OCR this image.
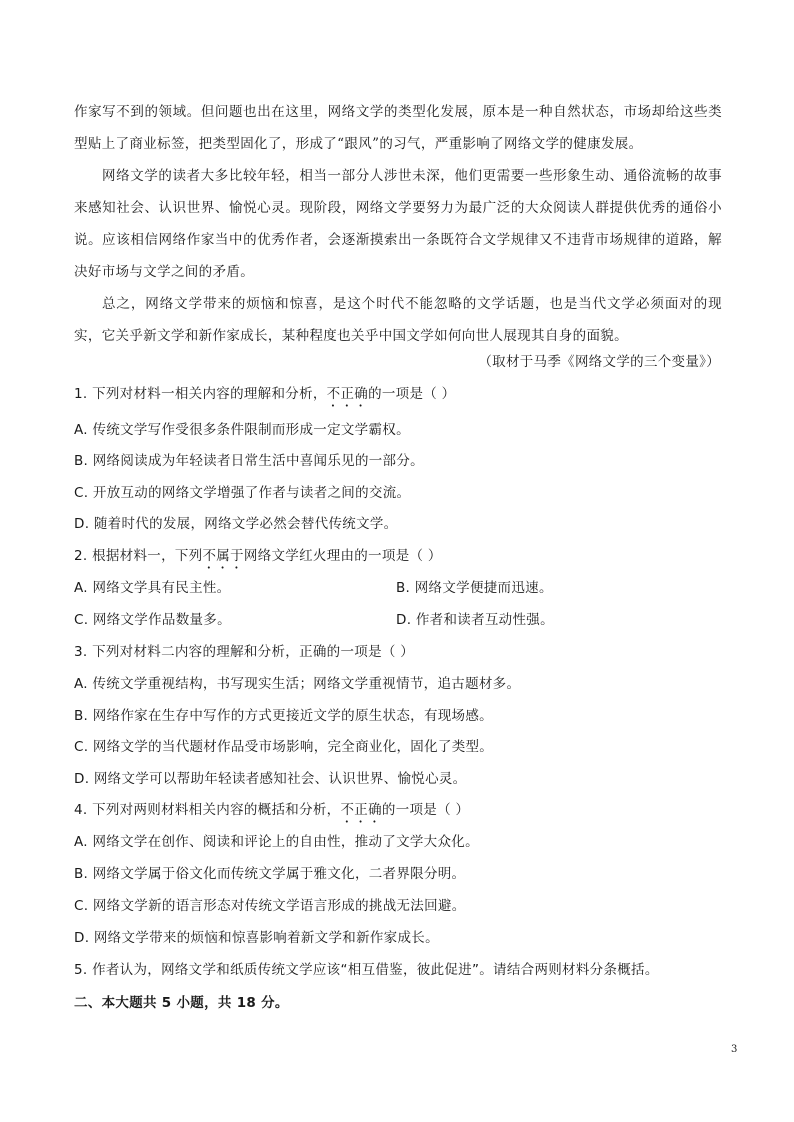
作家写不到的领域。但问题也出在这里，网络文学的类型化发展，原本是一种自然状态，市场却给这些类型贴上了商业标签，把类型固化了，形成了“跟风”的习气，严重影响了网络文学的健康发展。
网络文学的读者大多比较年轻，相当一部分人涉世未深，他们更需要一些形象生动、通俗流畅的故事来感知社会、认识世界、愉悦心灵。现阶段，网络文学要努力为最广泛的大众阅读人群提供优秀的通俗小说。应该相信网络作家当中的优秀作者，会逐渐摸索出一条既符合文学规律又不违背市场规律的道路，解决好市场与文学之间的矛盾。
总之，网络文学带来的烦恼和惊喜，是这个时代不能忽略的文学话题，也是当代文学必须面对的现实，它关乎新文学和新作家成长，某种程度也关乎中国文学如何向世人展现其自身的面貌。
（取材于马季《网络文学的三个变量》）
1. 下列对材料一相关内容的理解和分析，不正确的一项是（ ）
A. 传统文学写作受很多条件限制而形成一定文学霸权。
B. 网络阅读成为年轻读者日常生活中喜闻乐见的一部分。
C. 开放互动的网络文学增强了作者与读者之间的交流。
D. 随着时代的发展，网络文学必然会替代传统文学。
2. 根据材料一，下列不属于网络文学红火理由的一项是（ ）
A. 网络文学具有民主性。	B. 网络文学便捷而迅速。
C. 网络文学作品数量多。	D. 作者和读者互动性强。
3. 下列对材料二内容的理解和分析，正确的一项是（ ）
A. 传统文学重视结构，书写现实生活；网络文学重视情节，追古题材多。
B. 网络作家在生存中写作的方式更接近文学的原生状态，有现场感。
C. 网络文学的当代题材作品受市场影响，完全商业化，固化了类型。
D. 网络文学可以帮助年轻读者感知社会、认识世界、愉悦心灵。
4. 下列对两则材料相关内容的概括和分析，不正确的一项是（ ）
A. 网络文学在创作、阅读和评论上的自由性，推动了文学大众化。
B. 网络文学属于俗文化而传统文学属于雅文化，二者界限分明。
C. 网络文学新的语言形态对传统文学语言形成的挑战无法回避。
D. 网络文学带来的烦恼和惊喜影响着新文学和新作家成长。
5. 作者认为，网络文学和纸质传统文学应该“相互借鉴，彼此促进”。请结合两则材料分条概括。
二、本大题共 5 小题，共 18 分。
3
